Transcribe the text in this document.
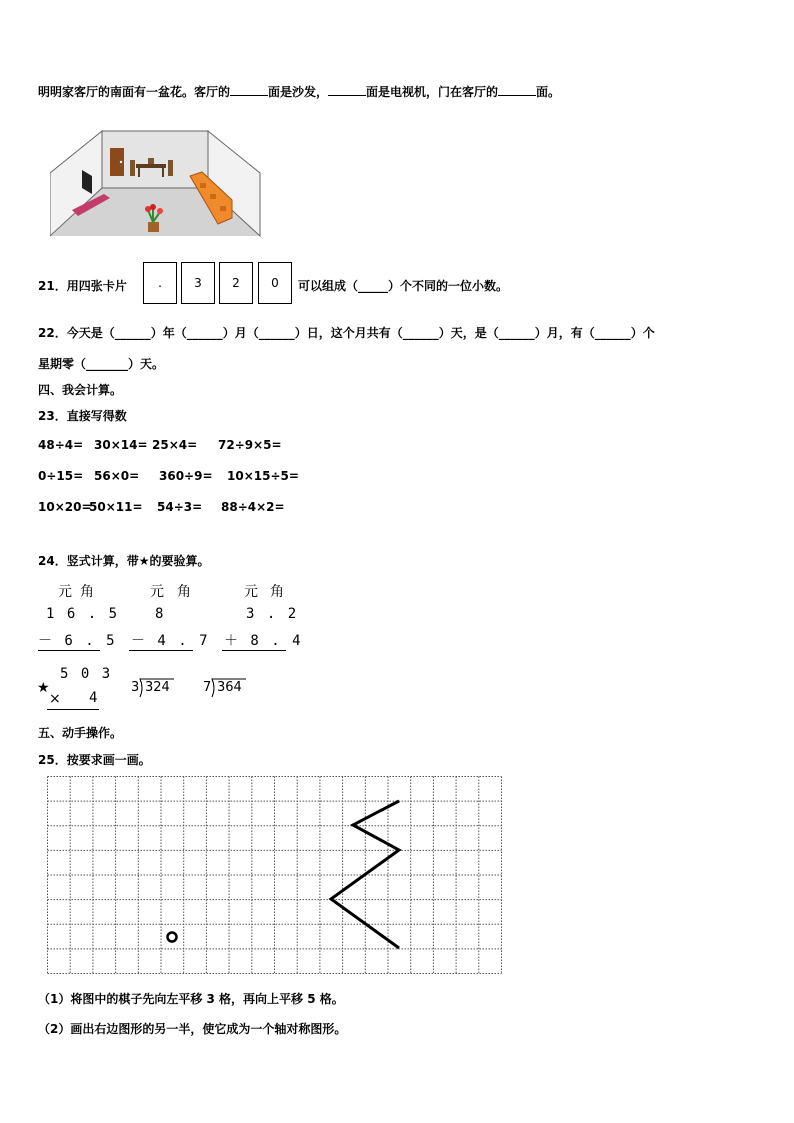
明明家客厅的南面有一盆花。客厅的	面是沙发，	面是电视机，门在客厅的	面。
21．用四张卡片	.	3	2	0	可以组成（_____）个不同的一位小数。
22．今天是（______）年（______）月（______）日，这个月共有（______）天，是（______）月，有（______）个
星期零（_______）天。
四、我会计算。
23．直接写得数
48÷4= 30×14= 25×4= 72÷9×5=
0÷15= 56×0= 360÷9= 10×15÷5=
10×20=
50×11= 54÷3= 88÷4×2=
24．竖式计算，带★的要验算。
元 角
1 6 . 5
－ 6 . 5
元 角
8
－ 4 . 7
元 角
3 . 2
＋ 8 . 4
★
5 0 3
× 4
3 324	7 364
五、动手操作。
25．按要求画一画。
（1）将图中的棋子先向左平移 3 格，再向上平移 5 格。
（2）画出右边图形的另一半，使它成为一个轴对称图形。
